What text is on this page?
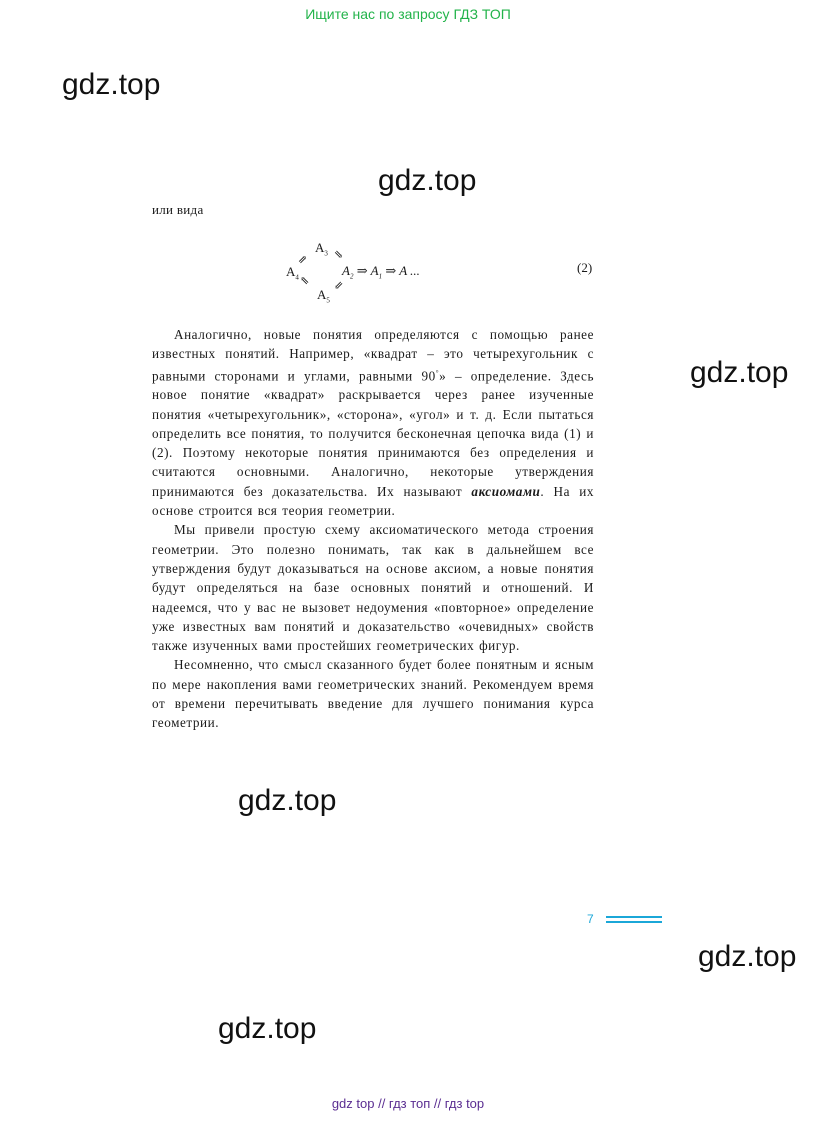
Ищите нас по запросу ГДЗ ТОП
gdz.top
gdz.top
gdz.top
gdz.top
gdz.top
gdz.top
или вида
$A_3$
⇗ ⇘
$A_4$	$A_2$ ⇒ $A_1$ ⇒ A ...
⇖ ⇙
$A_5$
(2)

Аналогично, новые понятия определяются с помощью ранее известных понятий. Например, «квадрат – это четырехугольник с равными сторонами и углами, равными 90°» – определение. Здесь новое понятие «квадрат» раскрывается через ранее изученные понятия «четырехугольник», «сторона», «угол» и т. д. Если пытаться определить все понятия, то получится бесконечная цепочка вида (1) и (2). Поэтому некоторые понятия принимаются без определения и считаются основными. Аналогично, некоторые утверждения принимаются без доказательства. Их называют аксиомами. На их основе строится вся теория геометрии.

Мы привели простую схему аксиоматического метода строения геометрии. Это полезно понимать, так как в дальнейшем все утверждения будут доказываться на основе аксиом, а новые понятия будут определяться на базе основных понятий и отношений. И надеемся, что у вас не вызовет недоумения «повторное» определение уже известных вам понятий и доказательство «очевидных» свойств также изученных вами простейших геометрических фигур.

Несомненно, что смысл сказанного будет более понятным и ясным по мере накопления вами геометрических знаний. Рекомендуем время от времени перечитывать введение для лучшего понимания курса геометрии.

7
gdz top // гдз топ // гдз top
